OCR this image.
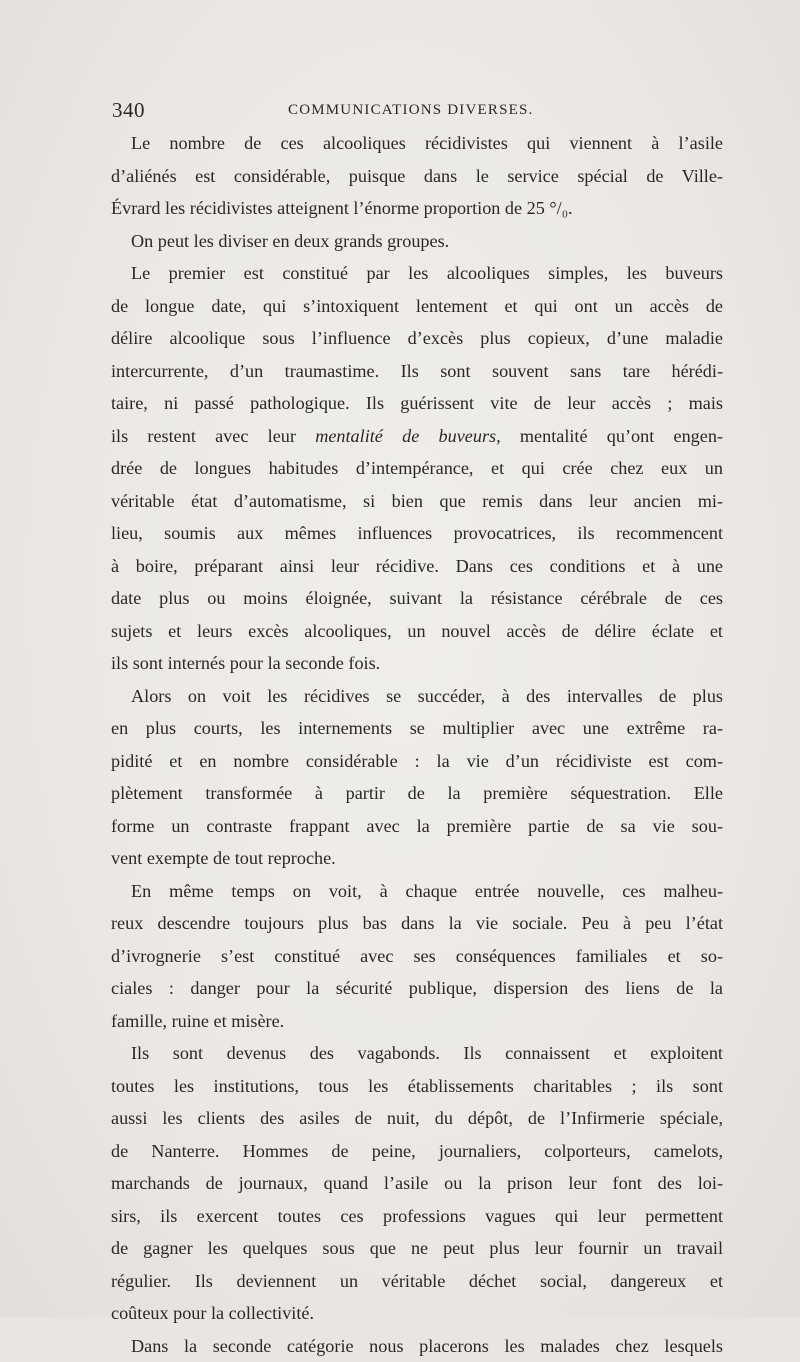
340	COMMUNICATIONS DIVERSES.
Le nombre de ces alcooliques récidivistes qui viennent à l’asile
d’aliénés est considérable, puisque dans le service spécial de Ville-
Évrard les récidivistes atteignent l’énorme proportion de 25 °/₀.
On peut les diviser en deux grands groupes.
Le premier est constitué par les alcooliques simples, les buveurs
de longue date, qui s’intoxiquent lentement et qui ont un accès de
délire alcoolique sous l’influence d’excès plus copieux, d’une maladie
intercurrente, d’un traumastime. Ils sont souvent sans tare hérédi-
taire, ni passé pathologique. Ils guérissent vite de leur accès ; mais
ils restent avec leur mentalité de buveurs, mentalité qu’ont engen-
drée de longues habitudes d’intempérance, et qui crée chez eux un
véritable état d’automatisme, si bien que remis dans leur ancien mi-
lieu, soumis aux mêmes influences provocatrices, ils recommencent
à boire, préparant ainsi leur récidive. Dans ces conditions et à une
date plus ou moins éloignée, suivant la résistance cérébrale de ces
sujets et leurs excès alcooliques, un nouvel accès de délire éclate et
ils sont internés pour la seconde fois.
Alors on voit les récidives se succéder, à des intervalles de plus
en plus courts, les internements se multiplier avec une extrême ra-
pidité et en nombre considérable : la vie d’un récidiviste est com-
plètement transformée à partir de la première séquestration. Elle
forme un contraste frappant avec la première partie de sa vie sou-
vent exempte de tout reproche.
En même temps on voit, à chaque entrée nouvelle, ces malheu-
reux descendre toujours plus bas dans la vie sociale. Peu à peu l’état
d’ivrognerie s’est constitué avec ses conséquences familiales et so-
ciales : danger pour la sécurité publique, dispersion des liens de la
famille, ruine et misère.
Ils sont devenus des vagabonds. Ils connaissent et exploitent
toutes les institutions, tous les établissements charitables ; ils sont
aussi les clients des asiles de nuit, du dépôt, de l’Infirmerie spéciale,
de Nanterre. Hommes de peine, journaliers, colporteurs, camelots,
marchands de journaux, quand l’asile ou la prison leur font des loi-
sirs, ils exercent toutes ces professions vagues qui leur permettent
de gagner les quelques sous que ne peut plus leur fournir un travail
régulier. Ils deviennent un véritable déchet social, dangereux et
coûteux pour la collectivité.
Dans la seconde catégorie nous placerons les malades chez lesquels
